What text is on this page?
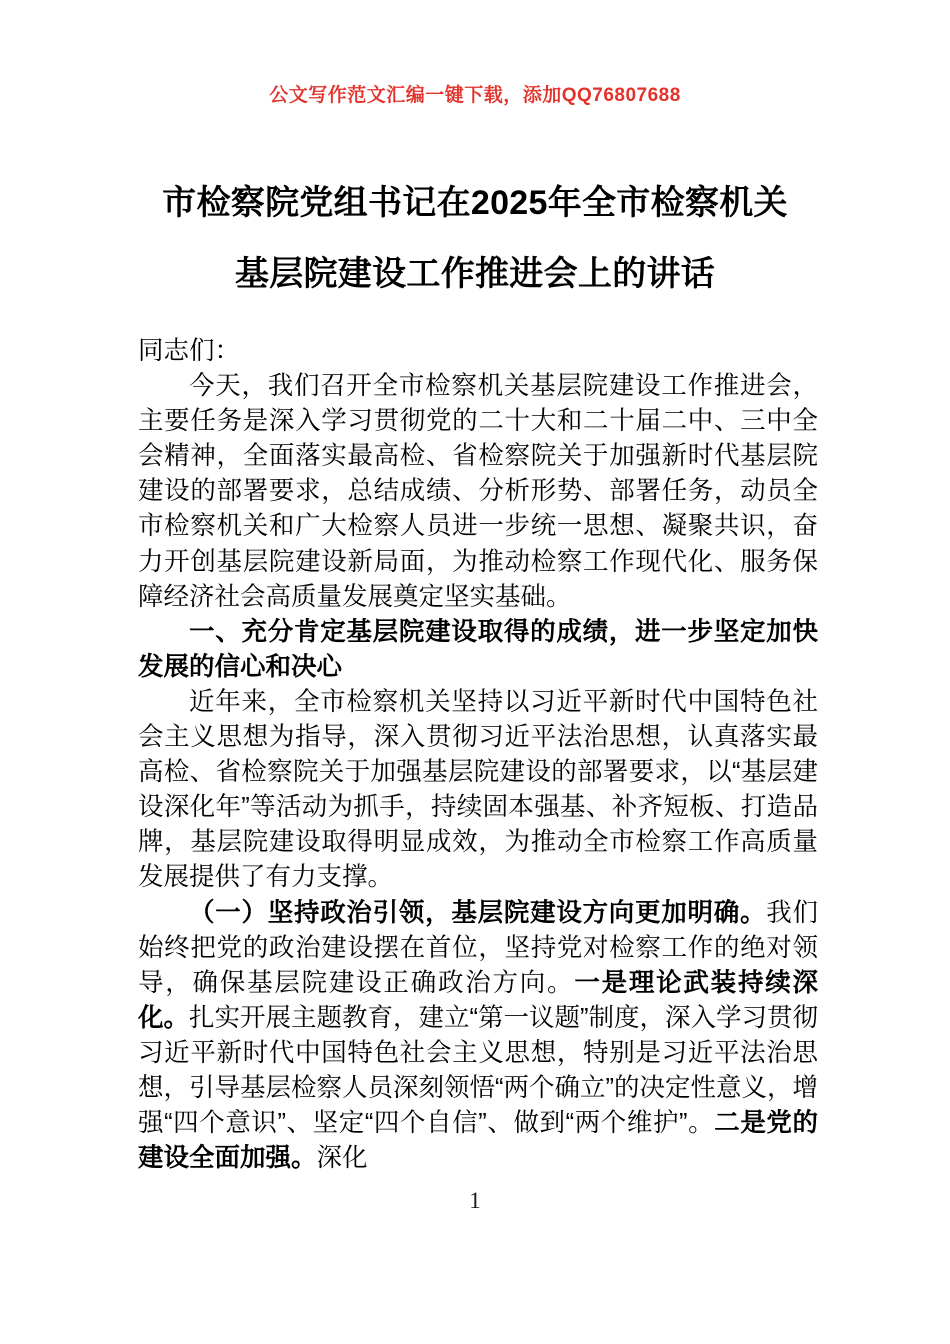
公文写作范文汇编一键下载，添加QQ76807688
市检察院党组书记在2025年全市检察机关
基层院建设工作推进会上的讲话

同志们：

今天，我们召开全市检察机关基层院建设工作推进会，主要任务是深入学习贯彻党的二十大和二十届二中、三中全会精神，全面落实最高检、省检察院关于加强新时代基层院建设的部署要求，总结成绩、分析形势、部署任务，动员全市检察机关和广大检察人员进一步统一思想、凝聚共识，奋力开创基层院建设新局面，为推动检察工作现代化、服务保障经济社会高质量发展奠定坚实基础。

一、充分肯定基层院建设取得的成绩，进一步坚定加快发展的信心和决心

近年来，全市检察机关坚持以习近平新时代中国特色社会主义思想为指导，深入贯彻习近平法治思想，认真落实最高检、省检察院关于加强基层院建设的部署要求，以“基层建设深化年”等活动为抓手，持续固本强基、补齐短板、打造品牌，基层院建设取得明显成效，为推动全市检察工作高质量发展提供了有力支撑。

（一）坚持政治引领，基层院建设方向更加明确。我们始终把党的政治建设摆在首位，坚持党对检察工作的绝对领导，确保基层院建设正确政治方向。一是理论武装持续深化。扎实开展主题教育，建立“第一议题”制度，深入学习贯彻习近平新时代中国特色社会主义思想，特别是习近平法治思想，引导基层检察人员深刻领悟“两个确立”的决定性意义，增强“四个意识”、坚定“四个自信”、做到“两个维护”。二是党的建设全面加强。深化

1
